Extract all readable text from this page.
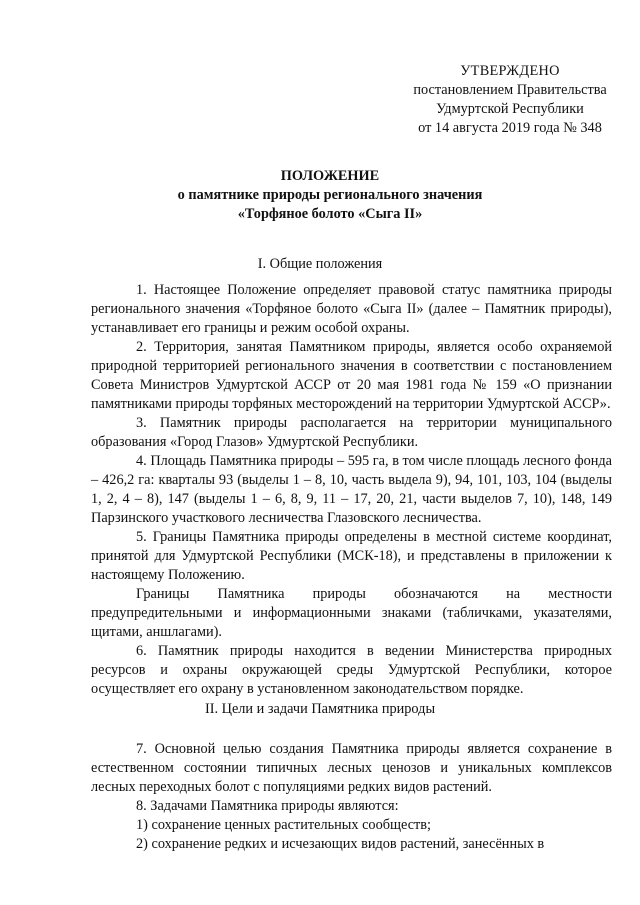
УТВЕРЖДЕНО
постановлением Правительства
Удмуртской Республики
от 14 августа 2019 года № 348
ПОЛОЖЕНИЕ
о памятнике природы регионального значения
«Торфяное болото «Сыга II»
I. Общие положения

1. Настоящее Положение определяет правовой статус памятника природы регионального значения «Торфяное болото «Сыга II» (далее – Памятник природы), устанавливает его границы и режим особой охраны.

2. Территория, занятая Памятником природы, является особо охраняемой природной территорией регионального значения в соответствии с постановлением Совета Министров Удмуртской АССР от 20 мая 1981 года № 159 «О признании памятниками природы торфяных месторождений на территории Удмуртской АССР».

3. Памятник природы располагается на территории муниципального образования «Город Глазов» Удмуртской Республики.

4. Площадь Памятника природы – 595 га, в том числе площадь лесного фонда – 426,2 га: кварталы 93 (выделы 1 – 8, 10, часть выдела 9), 94, 101, 103, 104 (выделы 1, 2, 4 – 8), 147 (выделы 1 – 6, 8, 9, 11 – 17, 20, 21, части выделов 7, 10), 148, 149 Парзинского участкового лесничества Глазовского лесничества.

5. Границы Памятника природы определены в местной системе координат, принятой для Удмуртской Республики (МСК-18), и представлены в приложении к настоящему Положению.

Границы Памятника природы обозначаются на местности предупредительными и информационными знаками (табличками, указателями, щитами, аншлагами).

6. Памятник природы находится в ведении Министерства природных ресурсов и охраны окружающей среды Удмуртской Республики, которое осуществляет его охрану в установленном законодательством порядке.

II. Цели и задачи Памятника природы

7. Основной целью создания Памятника природы является сохранение в естественном состоянии типичных лесных ценозов и уникальных комплексов лесных переходных болот с популяциями редких видов растений.

8. Задачами Памятника природы являются:

1) сохранение ценных растительных сообществ;

2) сохранение редких и исчезающих видов растений, занесённых в
